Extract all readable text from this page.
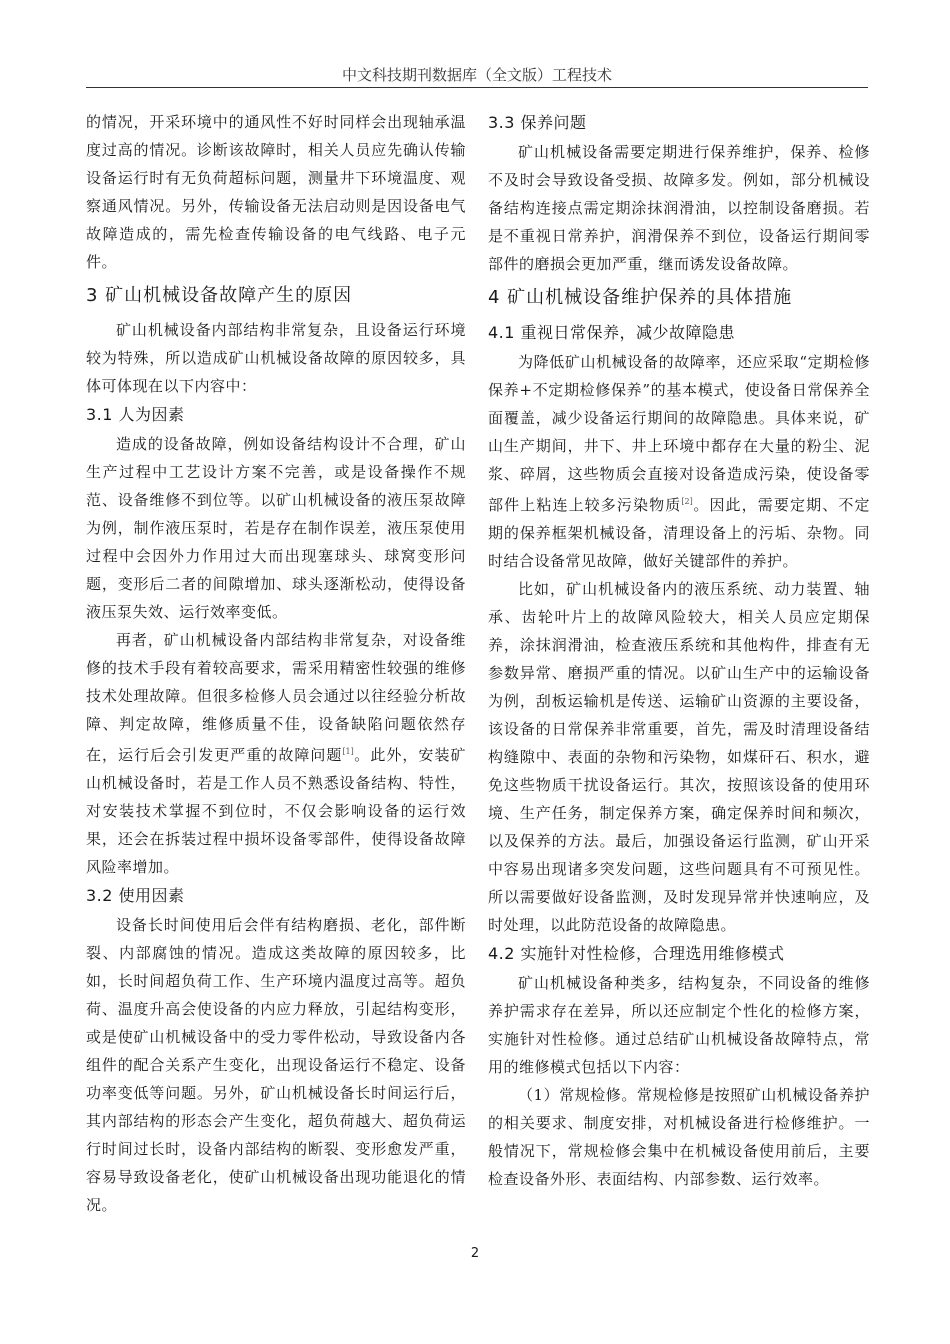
中文科技期刊数据库（全文版）工程技术

的情况，开采环境中的通风性不好时同样会出现轴承温度过高的情况。诊断该故障时，相关人员应先确认传输设备运行时有无负荷超标问题，测量井下环境温度、观察通风情况。另外，传输设备无法启动则是因设备电气故障造成的，需先检查传输设备的电气线路、电子元件。

3 矿山机械设备故障产生的原因

矿山机械设备内部结构非常复杂，且设备运行环境较为特殊，所以造成矿山机械设备故障的原因较多，具体可体现在以下内容中：

3.1 人为因素

造成的设备故障，例如设备结构设计不合理，矿山生产过程中工艺设计方案不完善，或是设备操作不规范、设备维修不到位等。以矿山机械设备的液压泵故障为例，制作液压泵时，若是存在制作误差，液压泵使用过程中会因外力作用过大而出现塞球头、球窝变形问题，变形后二者的间隙增加、球头逐渐松动，使得设备液压泵失效、运行效率变低。

再者，矿山机械设备内部结构非常复杂，对设备维修的技术手段有着较高要求，需采用精密性较强的维修技术处理故障。但很多检修人员会通过以往经验分析故障、判定故障，维修质量不佳，设备缺陷问题依然存在，运行后会引发更严重的故障问题[1]。此外，安装矿山机械设备时，若是工作人员不熟悉设备结构、特性，对安装技术掌握不到位时，不仅会影响设备的运行效果，还会在拆装过程中损坏设备零部件，使得设备故障风险率增加。

3.2 使用因素

设备长时间使用后会伴有结构磨损、老化，部件断裂、内部腐蚀的情况。造成这类故障的原因较多，比如，长时间超负荷工作、生产环境内温度过高等。超负荷、温度升高会使设备的内应力释放，引起结构变形，或是使矿山机械设备中的受力零件松动，导致设备内各组件的配合关系产生变化，出现设备运行不稳定、设备功率变低等问题。另外，矿山机械设备长时间运行后，其内部结构的形态会产生变化，超负荷越大、超负荷运行时间过长时，设备内部结构的断裂、变形愈发严重，容易导致设备老化，使矿山机械设备出现功能退化的情况。

3.3 保养问题

矿山机械设备需要定期进行保养维护，保养、检修不及时会导致设备受损、故障多发。例如，部分机械设备结构连接点需定期涂抹润滑油，以控制设备磨损。若是不重视日常养护，润滑保养不到位，设备运行期间零部件的磨损会更加严重，继而诱发设备故障。

4 矿山机械设备维护保养的具体措施
4.1 重视日常保养，减少故障隐患

为降低矿山机械设备的故障率，还应采取“定期检修保养+不定期检修保养”的基本模式，使设备日常保养全面覆盖，减少设备运行期间的故障隐患。具体来说，矿山生产期间，井下、井上环境中都存在大量的粉尘、泥浆、碎屑，这些物质会直接对设备造成污染，使设备零部件上粘连上较多污染物质[2]。因此，需要定期、不定期的保养框架机械设备，清理设备上的污垢、杂物。同时结合设备常见故障，做好关键部件的养护。

比如，矿山机械设备内的液压系统、动力装置、轴承、齿轮叶片上的故障风险较大，相关人员应定期保养，涂抹润滑油，检查液压系统和其他构件，排查有无参数异常、磨损严重的情况。以矿山生产中的运输设备为例，刮板运输机是传送、运输矿山资源的主要设备，该设备的日常保养非常重要，首先，需及时清理设备结构缝隙中、表面的杂物和污染物，如煤矸石、积水，避免这些物质干扰设备运行。其次，按照该设备的使用环境、生产任务，制定保养方案，确定保养时间和频次，以及保养的方法。最后，加强设备运行监测，矿山开采中容易出现诸多突发问题，这些问题具有不可预见性。所以需要做好设备监测，及时发现异常并快速响应，及时处理，以此防范设备的故障隐患。

4.2 实施针对性检修，合理选用维修模式

矿山机械设备种类多，结构复杂，不同设备的维修养护需求存在差异，所以还应制定个性化的检修方案，实施针对性检修。通过总结矿山机械设备故障特点，常用的维修模式包括以下内容：

（1）常规检修。常规检修是按照矿山机械设备养护的相关要求、制度安排，对机械设备进行检修维护。一般情况下，常规检修会集中在机械设备使用前后，主要检查设备外形、表面结构、内部参数、运行效率。

2
